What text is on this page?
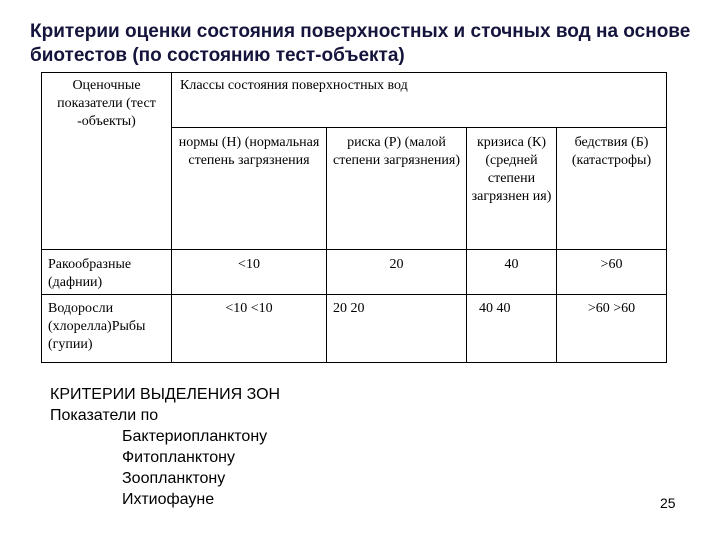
Критерии оценки состояния поверхностных и сточных вод на основе биотестов (по состоянию тест-объекта)
Оценочные показатели (тест -объекты)	Классы состояния поверхностных вод			
	нормы (Н) (нормальная степень загрязнения	риска (Р) (малой степени загрязнения)	кризиса (К) (средней степени загрязнен ия)	бедствия (Б) (катастрофы)
Ракообразные (дафнии)	<10	20	40	>60
Водоросли (хлорелла)Рыбы (гупии)	<10 <10	20 20	40 40	>60 >60
КРИТЕРИИ ВЫДЕЛЕНИЯ ЗОН
Показатели по
Бактериопланктону
Фитопланктону
Зоопланктону
Ихтиофауне	25
